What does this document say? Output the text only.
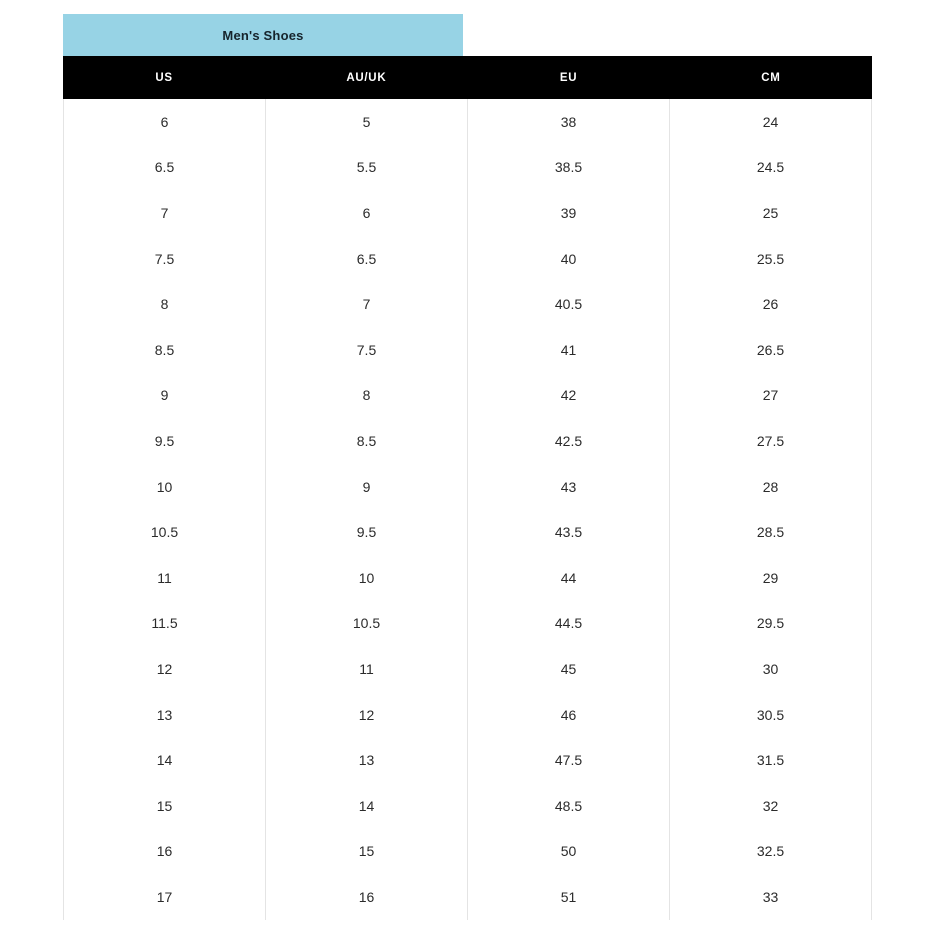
Men's Shoes
US	AU/UK	EU	CM
6	5	38	24
6.5	5.5	38.5	24.5
7	6	39	25
7.5	6.5	40	25.5
8	7	40.5	26
8.5	7.5	41	26.5
9	8	42	27
9.5	8.5	42.5	27.5
10	9	43	28
10.5	9.5	43.5	28.5
11	10	44	29
11.5	10.5	44.5	29.5
12	11	45	30
13	12	46	30.5
14	13	47.5	31.5
15	14	48.5	32
16	15	50	32.5
17	16	51	33
